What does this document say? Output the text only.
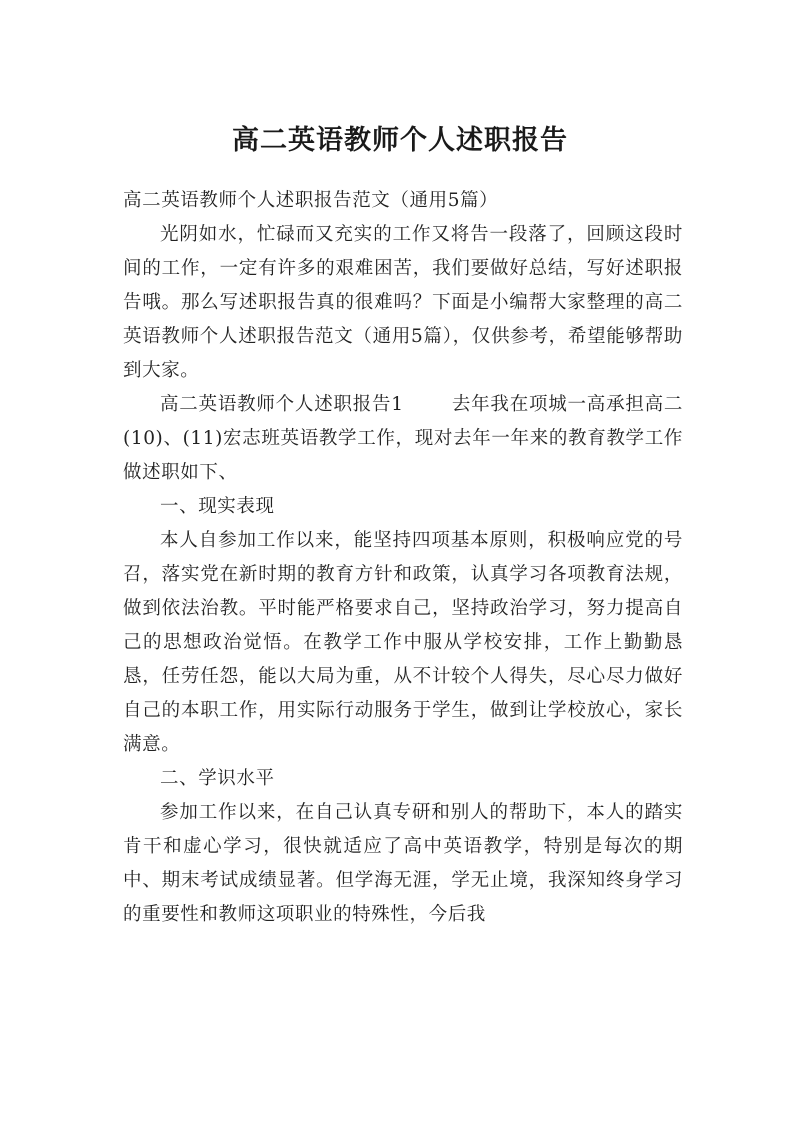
高二英语教师个人述职报告

高二英语教师个人述职报告范文（通用5篇）

光阴如水，忙碌而又充实的工作又将告一段落了，回顾这段时间的工作，一定有许多的艰难困苦，我们要做好总结，写好述职报告哦。那么写述职报告真的很难吗？下面是小编帮大家整理的高二英语教师个人述职报告范文（通用5篇），仅供参考，希望能够帮助到大家。

高二英语教师个人述职报告1	去年我在项城一高承担高二(10)、(11)宏志班英语教学工作，现对去年一年来的教育教学工作做述职如下、

一、现实表现

本人自参加工作以来，能坚持四项基本原则，积极响应党的号召，落实党在新时期的教育方针和政策，认真学习各项教育法规，做到依法治教。平时能严格要求自己，坚持政治学习，努力提高自己的思想政治觉悟。在教学工作中服从学校安排，工作上勤勤恳恳，任劳任怨，能以大局为重，从不计较个人得失，尽心尽力做好自己的本职工作，用实际行动服务于学生，做到让学校放心，家长满意。

二、学识水平

参加工作以来，在自己认真专研和别人的帮助下，本人的踏实肯干和虚心学习，很快就适应了高中英语教学，特别是每次的期中、期末考试成绩显著。但学海无涯，学无止境，我深知终身学习的重要性和教师这项职业的特殊性，今后我
